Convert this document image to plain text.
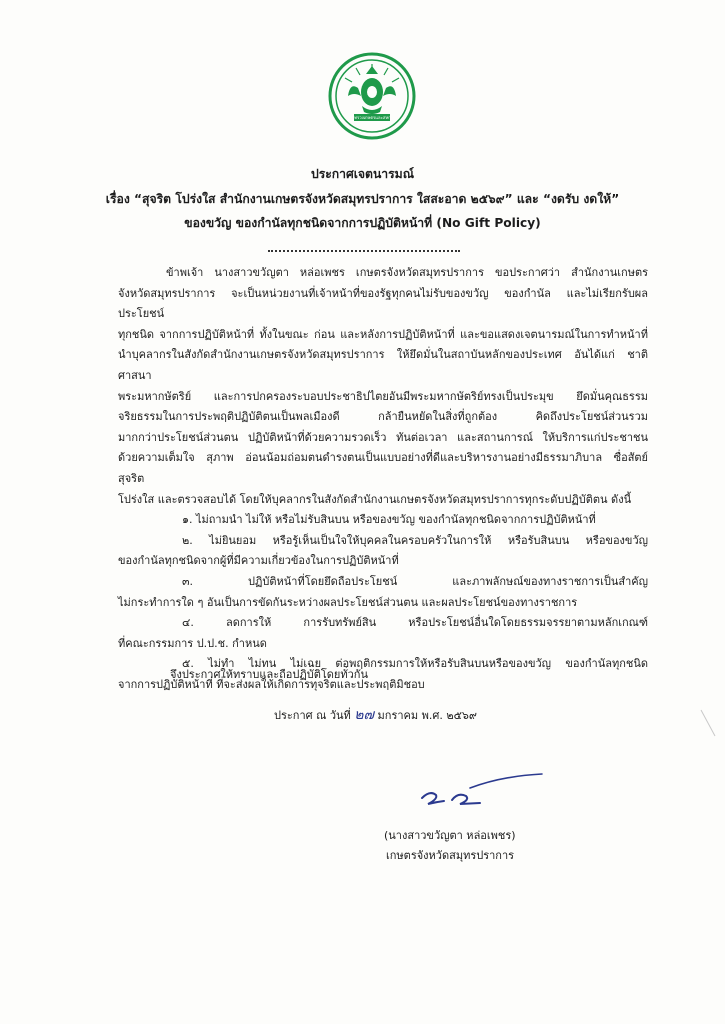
กระทรวงเกษตรและสหกรณ์
ประกาศเจตนารมณ์
เรื่อง “สุจริต โปร่งใส สำนักงานเกษตรจังหวัดสมุทรปราการ ใสสะอาด ๒๕๖๙” และ “งดรับ งดให้”
ของขวัญ ของกำนัลทุกชนิดจากการปฏิบัติหน้าที่ (No Gift Policy)

ข้าพเจ้า นางสาวขวัญตา หล่อเพชร เกษตรจังหวัดสมุทรปราการ ขอประกาศว่า สำนักงานเกษตร

จังหวัดสมุทรปราการ จะเป็นหน่วยงานที่เจ้าหน้าที่ของรัฐทุกคนไม่รับของขวัญ ของกำนัล และไม่เรียกรับผลประโยชน์

ทุกชนิด จากการปฏิบัติหน้าที่ ทั้งในขณะ ก่อน และหลังการปฏิบัติหน้าที่ และขอแสดงเจตนารมณ์ในการทำหน้าที่

นำบุคลากรในสังกัดสำนักงานเกษตรจังหวัดสมุทรปราการ ให้ยึดมั่นในสถาบันหลักของประเทศ อันได้แก่ ชาติ ศาสนา

พระมหากษัตริย์ และการปกครองระบอบประชาธิปไตยอันมีพระมหากษัตริย์ทรงเป็นประมุข ยึดมั่นคุณธรรม

จริยธรรมในการประพฤติปฏิบัติตนเป็นพลเมืองดี กล้ายืนหยัดในสิ่งที่ถูกต้อง คิดถึงประโยชน์ส่วนรวม

มากกว่าประโยชน์ส่วนตน ปฏิบัติหน้าที่ด้วยความรวดเร็ว ทันต่อเวลา และสถานการณ์ ให้บริการแก่ประชาชน

ด้วยความเต็มใจ สุภาพ อ่อนน้อมถ่อมตนดำรงตนเป็นแบบอย่างที่ดีและบริหารงานอย่างมีธรรมาภิบาล ซื่อสัตย์สุจริต

โปร่งใส และตรวจสอบได้ โดยให้บุคลากรในสังกัดสำนักงานเกษตรจังหวัดสมุทรปราการทุกระดับปฏิบัติตน ดังนี้

๑. ไม่ถามนำ ไม่ให้ หรือไม่รับสินบน หรือของขวัญ ของกำนัลทุกชนิดจากการปฏิบัติหน้าที่

๒. ไม่ยินยอม หรือรู้เห็นเป็นใจให้บุคคลในครอบครัวในการให้ หรือรับสินบน หรือของขวัญ

ของกำนัลทุกชนิดจากผู้ที่มีความเกี่ยวข้องในการปฏิบัติหน้าที่

๓. ปฏิบัติหน้าที่โดยยึดถือประโยชน์ และภาพลักษณ์ของทางราชการเป็นสำคัญ

ไม่กระทำการใด ๆ อันเป็นการขัดกันระหว่างผลประโยชน์ส่วนตน และผลประโยชน์ของทางราชการ

๔. ลดการให้ การรับทรัพย์สิน หรือประโยชน์อื่นใดโดยธรรมจรรยาตามหลักเกณฑ์

ที่คณะกรรมการ ป.ป.ช. กำหนด

๕. ไม่ทำ ไม่ทน ไม่เฉย ต่อพฤติกรรมการให้หรือรับสินบนหรือของขวัญ ของกำนัลทุกชนิด

จากการปฏิบัติหน้าที่ ที่จะส่งผลให้เกิดการทุจริตและประพฤติมิชอบ

จึงประกาศให้ทราบและถือปฏิบัติโดยทั่วกัน
ประกาศ ณ วันที่ ๒๗ มกราคม พ.ศ. ๒๕๖๙
(นางสาวขวัญตา หล่อเพชร)
เกษตรจังหวัดสมุทรปราการ
